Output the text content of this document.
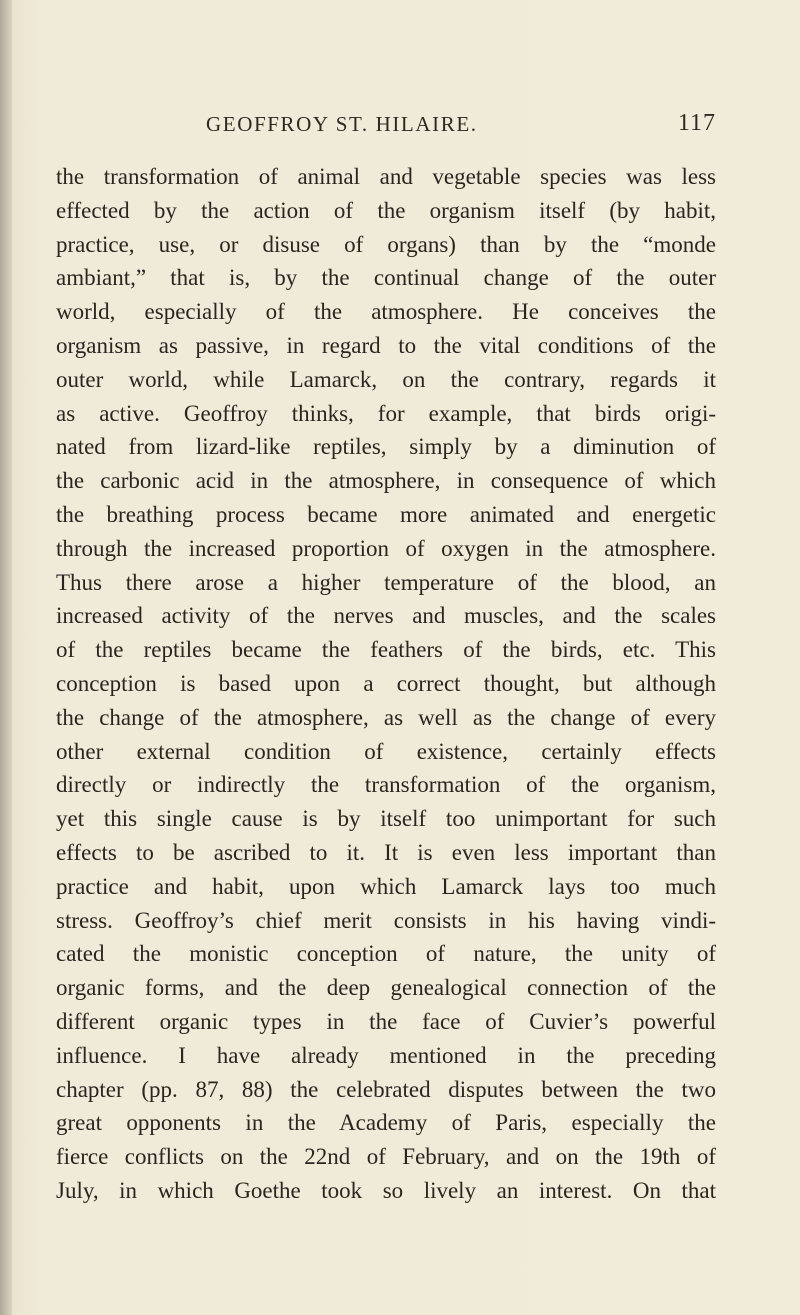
GEOFFROY ST. HILAIRE.	117
the transformation of animal and vegetable species was less
effected by the action of the organism itself (by habit,
practice, use, or disuse of organs) than by the “monde
ambiant,” that is, by the continual change of the outer
world, especially of the atmosphere. He conceives the
organism as passive, in regard to the vital conditions of the
outer world, while Lamarck, on the contrary, regards it
as active. Geoffroy thinks, for example, that birds origi-
nated from lizard-like reptiles, simply by a diminution of
the carbonic acid in the atmosphere, in consequence of which
the breathing process became more animated and energetic
through the increased proportion of oxygen in the atmosphere.
Thus there arose a higher temperature of the blood, an
increased activity of the nerves and muscles, and the scales
of the reptiles became the feathers of the birds, etc. This
conception is based upon a correct thought, but although
the change of the atmosphere, as well as the change of every
other external condition of existence, certainly effects
directly or indirectly the transformation of the organism,
yet this single cause is by itself too unimportant for such
effects to be ascribed to it. It is even less important than
practice and habit, upon which Lamarck lays too much
stress. Geoffroy’s chief merit consists in his having vindi-
cated the monistic conception of nature, the unity of
organic forms, and the deep genealogical connection of the
different organic types in the face of Cuvier’s powerful
influence. I have already mentioned in the preceding
chapter (pp. 87, 88) the celebrated disputes between the two
great opponents in the Academy of Paris, especially the
fierce conflicts on the 22nd of February, and on the 19th of
July, in which Goethe took so lively an interest. On that
